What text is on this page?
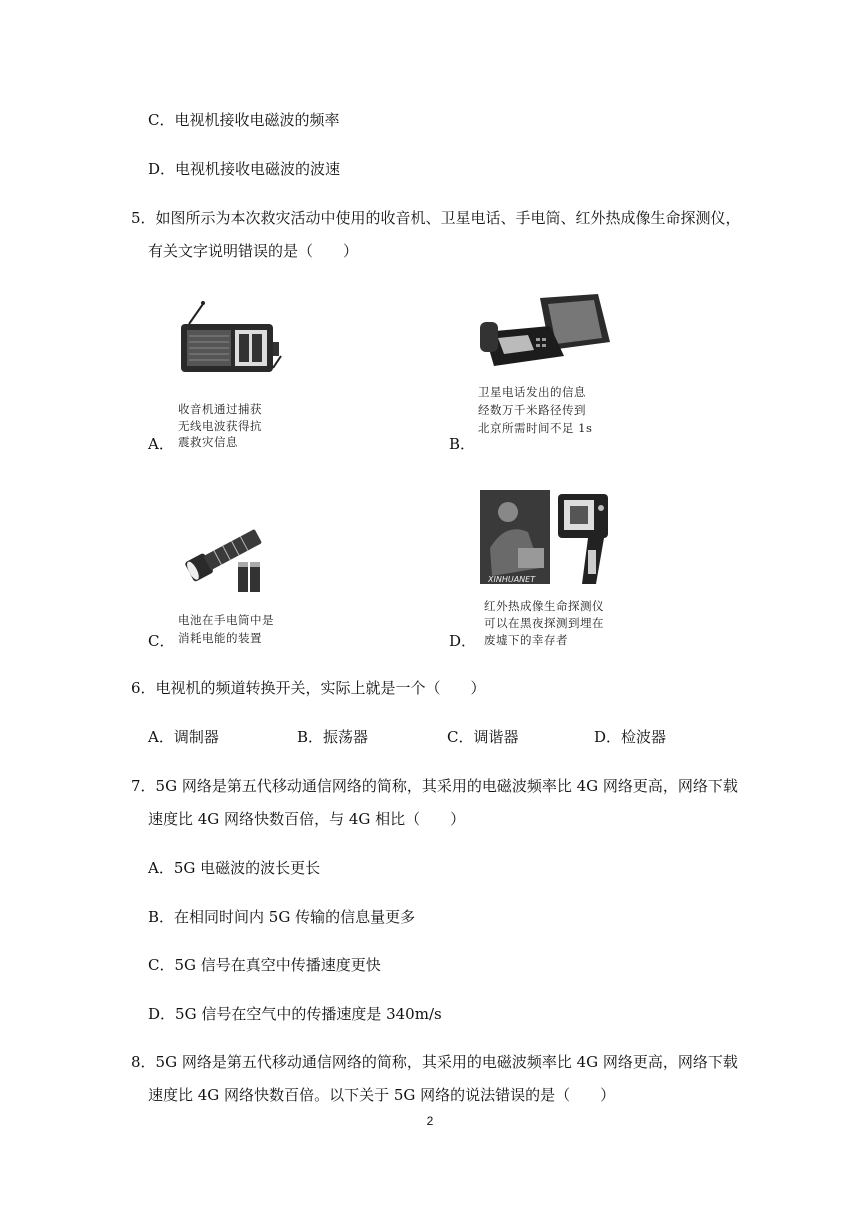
C．电视机接收电磁波的频率
D．电视机接收电磁波的波速
5．如图所示为本次救灾活动中使用的收音机、卫星电话、手电筒、红外热成像生命探测仪，
有关文字说明错误的是（　　）
收音机通过捕获
无线电波获得抗
A． 震救灾信息
卫星电话发出的信息
经数万千米路径传到
北京所需时间不足 1s
B．
电池在手电筒中是
C． 消耗电能的装置
XINHUANET
红外热成像生命探测仪
可以在黑夜探测到埋在
D． 废墟下的幸存者
6．电视机的频道转换开关，实际上就是一个（　　）
A．调制器	B．振荡器	C．调谐器	D．检波器
7．5G 网络是第五代移动通信网络的简称，其采用的电磁波频率比 4G 网络更高，网络下载
速度比 4G 网络快数百倍，与 4G 相比（　　）
A．5G 电磁波的波长更长
B．在相同时间内 5G 传输的信息量更多
C．5G 信号在真空中传播速度更快
D．5G 信号在空气中的传播速度是 340m/s
8．5G 网络是第五代移动通信网络的简称，其采用的电磁波频率比 4G 网络更高，网络下载
速度比 4G 网络快数百倍。以下关于 5G 网络的说法错误的是（　　）
2
